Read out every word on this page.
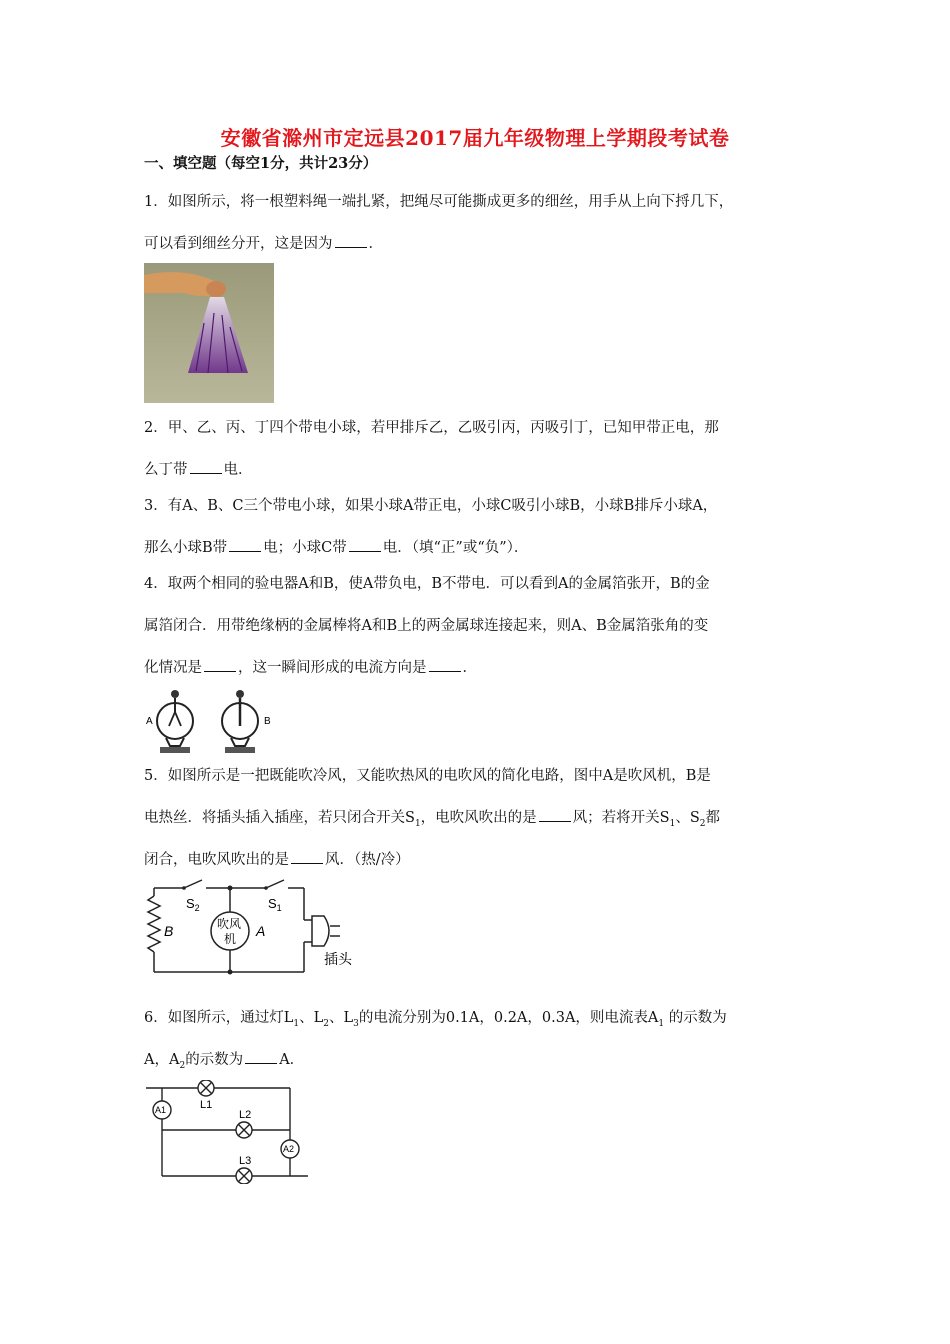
安徽省滁州市定远县2017届九年级物理上学期段考试卷
一、填空题（每空1分，共计23分）
1．如图所示，将一根塑料绳一端扎紧，把绳尽可能撕成更多的细丝，用手从上向下捋几下，
可以看到细丝分开，这是因为 ．
2．甲、乙、丙、丁四个带电小球，若甲排斥乙，乙吸引丙，丙吸引丁，已知甲带正电，那
么丁带 电．
3．有A、B、C三个带电小球，如果小球A带正电，小球C吸引小球B，小球B排斥小球A，
那么小球B带 电；小球C带 电．（填“正”或“负”）．
4．取两个相同的验电器A和B，使A带负电，B不带电．可以看到A的金属箔张开，B的金
属箔闭合．用带绝缘柄的金属棒将A和B上的两金属球连接起来，则A、B金属箔张角的变
化情况是 ，这一瞬间形成的电流方向是 ．
A	B
5．如图所示是一把既能吹冷风，又能吹热风的电吹风的简化电路，图中A是吹风机，B是
电热丝．将插头插入插座，若只闭合开关$S_1$，电吹风吹出的是 风；若将开关$S_1$、$S_2$都
闭合，电吹风吹出的是 风．（热/冷）
$S_2$	$S_1$
B	A
吹风
机
插头
6．如图所示，通过灯$L_1$、$L_2$、$L_3$的电流分别为0.1A，0.2A，0.3A，则电流表$A_1$ 的示数为
A，$A_2$的示数为 A．
A1
A2
L1
L2
L3
